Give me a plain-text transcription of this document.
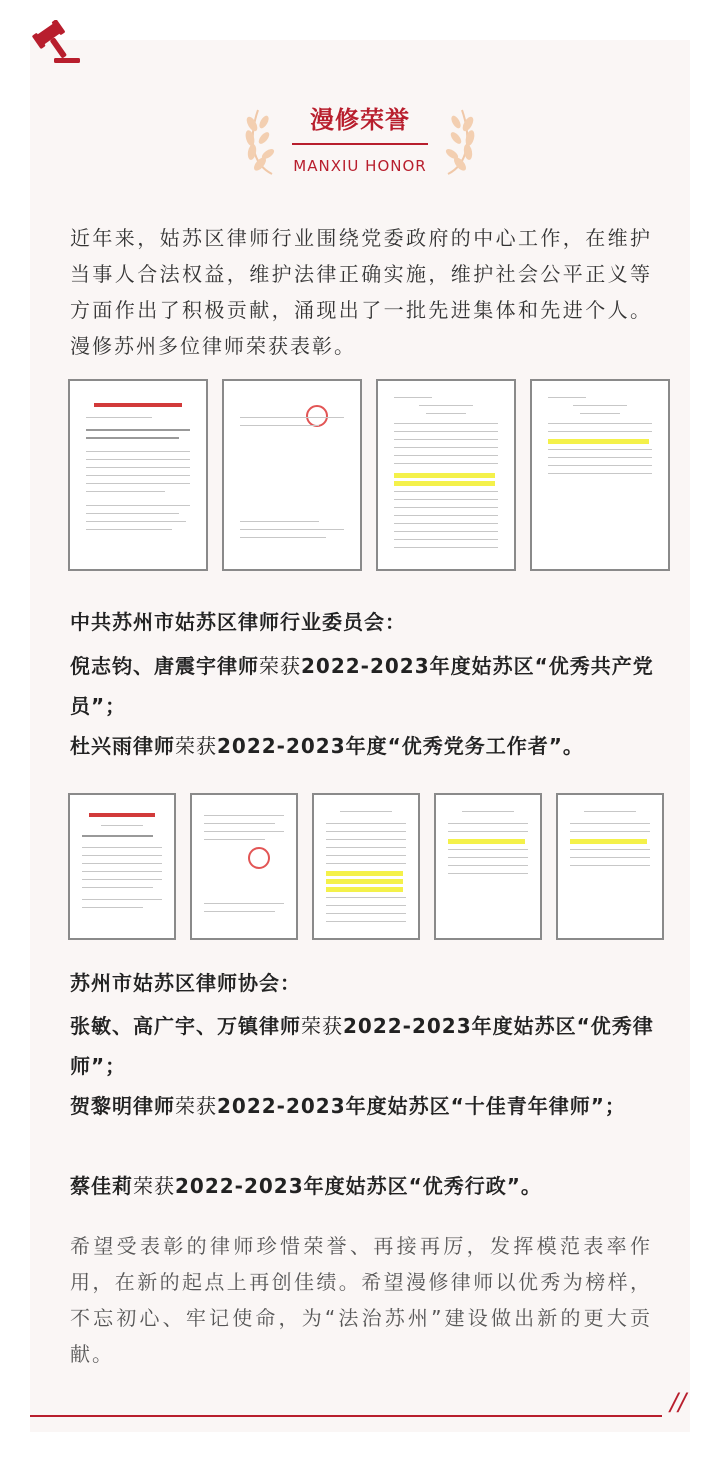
漫修荣誉
MANXIU HONOR
近年来，姑苏区律师行业围绕党委政府的中心工作，在维护当事人合法权益，维护法律正确实施，维护社会公平正义等方面作出了积极贡献，涌现出了一批先进集体和先进个人。漫修苏州多位律师荣获表彰。
中共苏州市姑苏区律师行业委员会：
倪志钧、唐震宇律师荣获2022-2023年度姑苏区“优秀共产党员”；
杜兴雨律师荣获2022-2023年度“优秀党务工作者”。
苏州市姑苏区律师协会：
张敏、高广宇、万镇律师荣获2022-2023年度姑苏区“优秀律师”；
贺黎明律师荣获2022-2023年度姑苏区“十佳青年律师”；
蔡佳莉荣获2022-2023年度姑苏区“优秀行政”。
希望受表彰的律师珍惜荣誉、再接再厉，发挥模范表率作用，在新的起点上再创佳绩。希望漫修律师以优秀为榜样，不忘初心、牢记使命，为“法治苏州”建设做出新的更大贡献。
//
